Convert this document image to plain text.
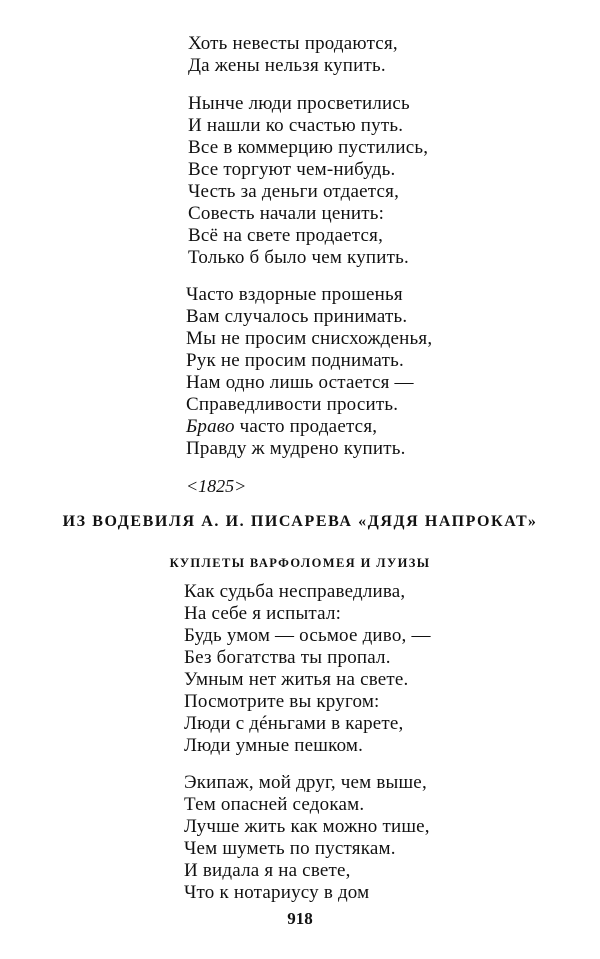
Хоть невесты продаются,
Да жены нельзя купить.
Нынче люди просветились
И нашли ко счастью путь.
Все в коммерцию пустились,
Все торгуют чем-нибудь.
Честь за деньги отдается,
Совесть начали ценить:
Всё на свете продается,
Только б было чем купить.
Часто вздорные прошенья
Вам случалось принимать.
Мы не просим снисхожденья,
Рук не просим поднимать.
Нам одно лишь остается —
Справедливости просить.
Браво часто продается,
Правду ж мудрено купить.
<1825>
ИЗ ВОДЕВИЛЯ А. И. ПИСАРЕВА «ДЯДЯ НАПРОКАТ»
КУПЛЕТЫ ВАРФОЛОМЕЯ И ЛУИЗЫ
Как судьба несправедлива,
На себе я испытал:
Будь умом — осьмое диво, —
Без богатства ты пропал.
Умным нет житья на свете.
Посмотрите вы кругом:
Люди с дéньгами в карете,
Люди умные пешком.
Экипаж, мой друг, чем выше,
Тем опасней седокам.
Лучше жить как можно тише,
Чем шуметь по пустякам.
И видала я на свете,
Что к нотариусу в дом
918
